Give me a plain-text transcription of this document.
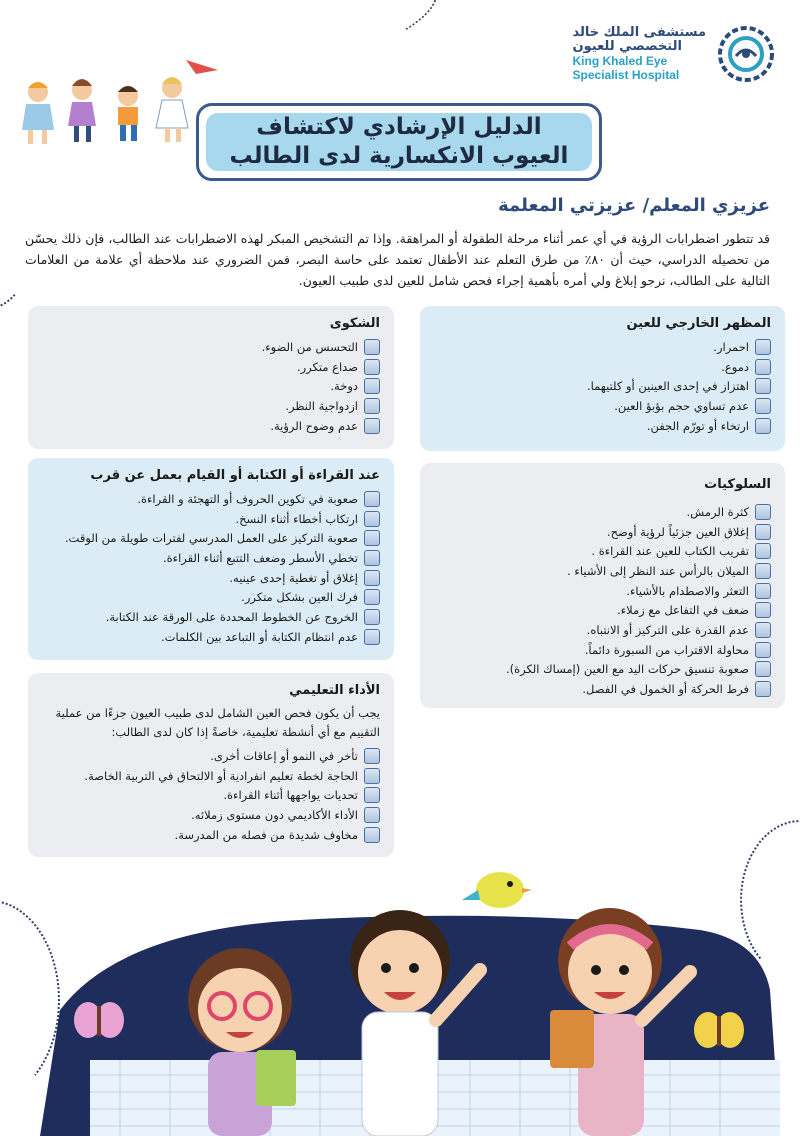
مستشفى الملك خالد
التخصصي للعيون
King Khaled Eye
Specialist Hospital
الدليل الإرشادي لاكتشاف
العيوب الانكسارية لدى الطالب
عزيزي المعلم/ عزيزتي المعلمة
قد تتطور اضطرابات الرؤية في أي عمر أثناء مرحلة الطفولة أو المراهقة. وإذا تم التشخيص المبكر لهذه الاضطرابات عند الطالب، فإن ذلك يحسّن من تحصيله الدراسي، حيث أن ٨٠٪ من طرق التعلم عند الأطفال تعتمد على حاسة البصر، فمن الضروري عند ملاحظة أي علامة من العلامات التالية على الطالب، نرجو إبلاغ ولي أمره بأهمية إجراء فحص شامل للعين لدى طبيب العيون.
المظهر الخارجي للعين
احمرار.
دموع.
اهتزاز في إحدى العينين أو كلتيهما.
عدم تساوي حجم بؤبؤ العين.
ارتخاء أو تورّم الجفن.
الشكوى
التحسس من الضوء.
صداع متكرر.
دوخة.
ازدواجية النظر.
عدم وضوح الرؤية.
السلوكيات
كثرة الرمش.
إغلاق العين جزئياً لرؤية أوضح.
تقريب الكتاب للعين عند القراءة .
الميلان بالرأس عند النظر إلى الأشياء .
التعثر والاصطدام بالأشياء.
ضعف في التفاعل مع زملاء.
عدم القدرة على التركيز أو الانتباه.
محاولة الاقتراب من السبورة دائماً.
صعوبة تنسيق حركات اليد مع العين (إمساك الكرة).
فرط الحركة أو الخمول في الفصل.
عند القراءة أو الكتابة أو القيام بعمل عن قرب
صعوبة في تكوين الحروف أو التهجئة و القراءة.
ارتكاب أخطاء أثناء النسخ.
صعوبة التركيز على العمل المدرسي لفترات طويلة من الوقت.
تخطي الأسطر وضعف التتبع أثناء القراءة.
إغلاق أو تغطية إحدى عينيه.
فرك العين بشكل متكرر.
الخروج عن الخطوط المحددة على الورقة عند الكتابة.
عدم انتظام الكتابة أو التباعد بين الكلمات.
الأداء التعليمي
يجب أن يكون فحص العين الشامل لدى طبيب العيون جزءًا من عملية التقييم مع أي أنشطة تعليمية، خاصةً إذا كان لدى الطالب:
تأخر في النمو أو إعاقات أخرى.
الحاجة لخطة تعليم انفرادية أو الالتحاق في التربية الخاصة.
تحديات يواجهها أثناء القراءة.
الأداء الأكاديمي دون مستوى زملائه.
مخاوف شديدة من فصله من المدرسة.
